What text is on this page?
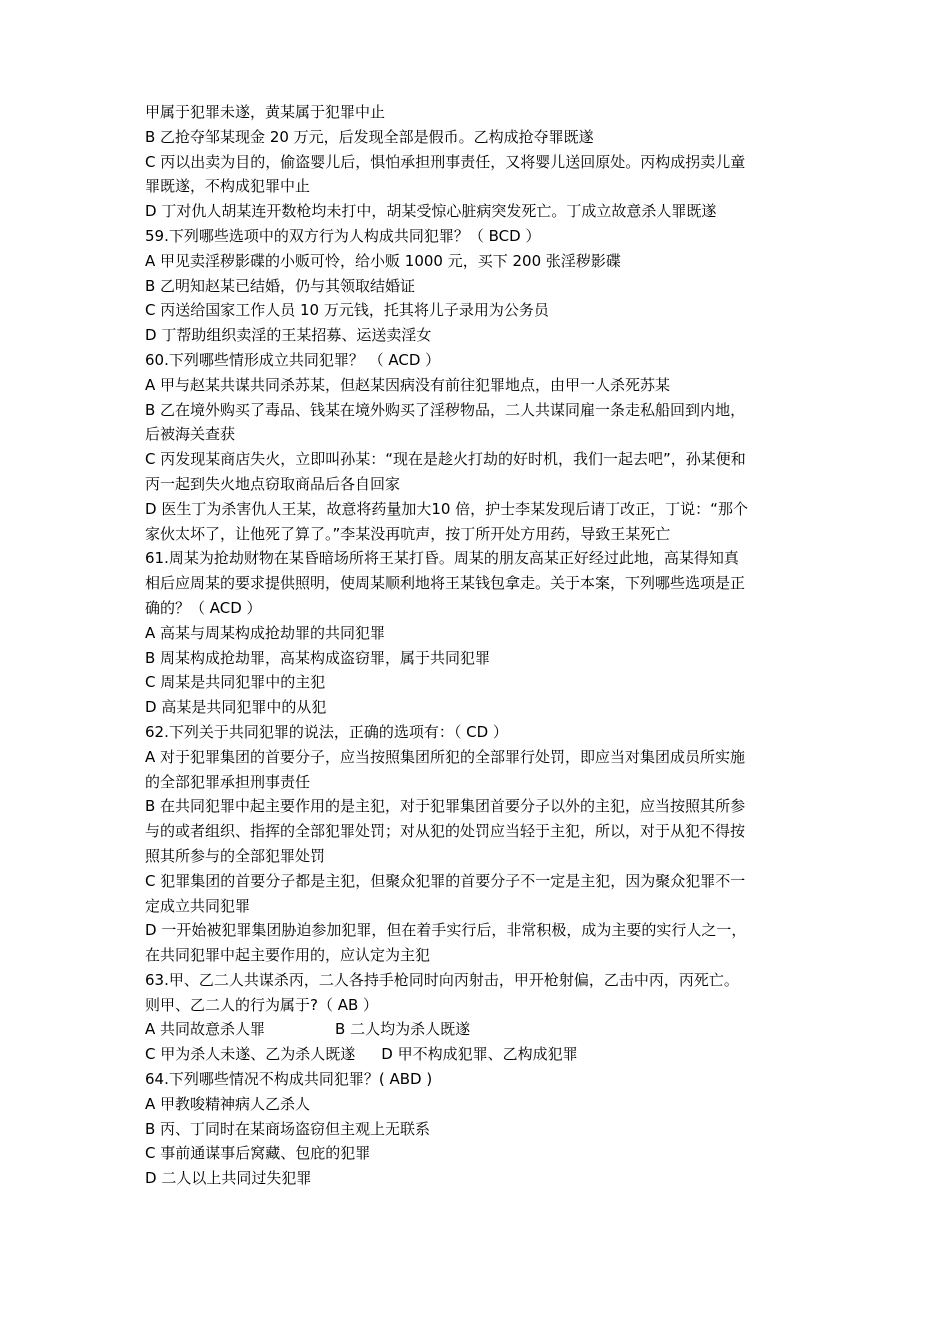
甲属于犯罪未遂，黄某属于犯罪中止
B 乙抢夺邹某现金 20 万元，后发现全部是假币。乙构成抢夺罪既遂
C 丙以出卖为目的，偷盗婴儿后，惧怕承担刑事责任，又将婴儿送回原处。丙构成拐卖儿童
罪既遂，不构成犯罪中止
D 丁对仇人胡某连开数枪均未打中，胡某受惊心脏病突发死亡。丁成立故意杀人罪既遂
59.下列哪些选项中的双方行为人构成共同犯罪？（ BCD ）
A 甲见卖淫秽影碟的小贩可怜，给小贩 1000 元，买下 200 张淫秽影碟
B 乙明知赵某已结婚，仍与其领取结婚证
C 丙送给国家工作人员 10 万元钱，托其将儿子录用为公务员
D 丁帮助组织卖淫的王某招募、运送卖淫女
60.下列哪些情形成立共同犯罪？ （ ACD ）
A 甲与赵某共谋共同杀苏某，但赵某因病没有前往犯罪地点，由甲一人杀死苏某
B 乙在境外购买了毒品、钱某在境外购买了淫秽物品，二人共谋同雇一条走私船回到内地，
后被海关查获
C 丙发现某商店失火，立即叫孙某：“现在是趁火打劫的好时机，我们一起去吧”，孙某便和
丙一起到失火地点窃取商品后各自回家
D 医生丁为杀害仇人王某，故意将药量加大10 倍，护士李某发现后请丁改正，丁说：“那个
家伙太坏了，让他死了算了。”李某没再吭声，按丁所开处方用药，导致王某死亡
61.周某为抢劫财物在某昏暗场所将王某打昏。周某的朋友高某正好经过此地，高某得知真
相后应周某的要求提供照明，使周某顺利地将王某钱包拿走。关于本案，下列哪些选项是正
确的？（ ACD ）
A 高某与周某构成抢劫罪的共同犯罪
B 周某构成抢劫罪，高某构成盗窃罪，属于共同犯罪
C 周某是共同犯罪中的主犯
D 高某是共同犯罪中的从犯
62.下列关于共同犯罪的说法，正确的选项有：（ CD ）
A 对于犯罪集团的首要分子，应当按照集团所犯的全部罪行处罚，即应当对集团成员所实施
的全部犯罪承担刑事责任
B 在共同犯罪中起主要作用的是主犯，对于犯罪集团首要分子以外的主犯，应当按照其所参
与的或者组织、指挥的全部犯罪处罚；对从犯的处罚应当轻于主犯，所以，对于从犯不得按
照其所参与的全部犯罪处罚
C 犯罪集团的首要分子都是主犯，但聚众犯罪的首要分子不一定是主犯，因为聚众犯罪不一
定成立共同犯罪
D 一开始被犯罪集团胁迫参加犯罪，但在着手实行后，非常积极，成为主要的实行人之一，
在共同犯罪中起主要作用的，应认定为主犯
63.甲、乙二人共谋杀丙，二人各持手枪同时向丙射击，甲开枪射偏，乙击中丙，丙死亡。
则甲、乙二人的行为属于?（ AB ）
A 共同故意杀人罪	B 二人均为杀人既遂
C 甲为杀人未遂、乙为杀人既遂 D 甲不构成犯罪、乙构成犯罪
64.下列哪些情况不构成共同犯罪？( ABD )
A 甲教唆精神病人乙杀人
B 丙、丁同时在某商场盗窃但主观上无联系
C 事前通谋事后窝藏、包庇的犯罪
D 二人以上共同过失犯罪
